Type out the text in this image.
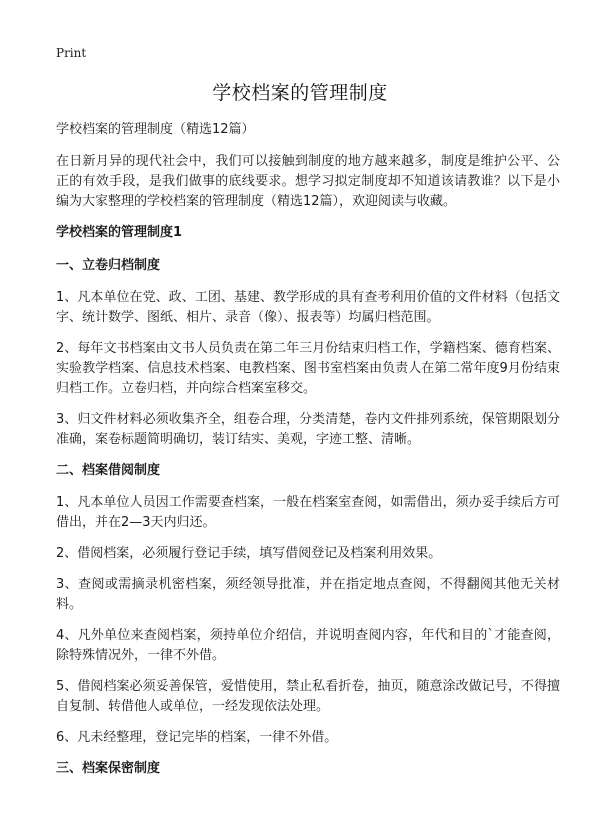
Print
学校档案的管理制度
学校档案的管理制度（精选12篇）

在日新月异的现代社会中，我们可以接触到制度的地方越来越多，制度是维护公平、公正的有效手段，是我们做事的底线要求。想学习拟定制度却不知道该请教谁？以下是小编为大家整理的学校档案的管理制度（精选12篇），欢迎阅读与收藏。

学校档案的管理制度1
一、立卷归档制度

1、凡本单位在党、政、工团、基建、教学形成的具有查考利用价值的文件材料（包括文字、统计数学、图纸、相片、录音（像）、报表等）均属归档范围。

2、每年文书档案由文书人员负责在第二年三月份结束归档工作，学籍档案、德育档案、实验教学档案、信息技术档案、电教档案、图书室档案由负责人在第二常年度9月份结束归档工作。立卷归档，并向综合档案室移交。

3、归文件材料必须收集齐全，组卷合理，分类清楚，卷内文件排列系统，保管期限划分准确，案卷标题简明确切，装订结实、美观，字迹工整、清晰。

二、档案借阅制度

1、凡本单位人员因工作需要查档案，一般在档案室查阅，如需借出，须办妥手续后方可借出，并在2—3天内归还。

2、借阅档案，必须履行登记手续，填写借阅登记及档案利用效果。

3、查阅或需摘录机密档案，须经领导批准，并在指定地点查阅，不得翻阅其他无关材料。

4、凡外单位来查阅档案，须持单位介绍信，并说明查阅内容，年代和目的`才能查阅，除特殊情况外，一律不外借。

5、借阅档案必须妥善保管，爱惜使用，禁止私看折卷，抽页，随意涂改做记号，不得擅自复制、转借他人或单位，一经发现依法处理。

6、凡未经整理，登记完毕的档案，一律不外借。

三、档案保密制度
